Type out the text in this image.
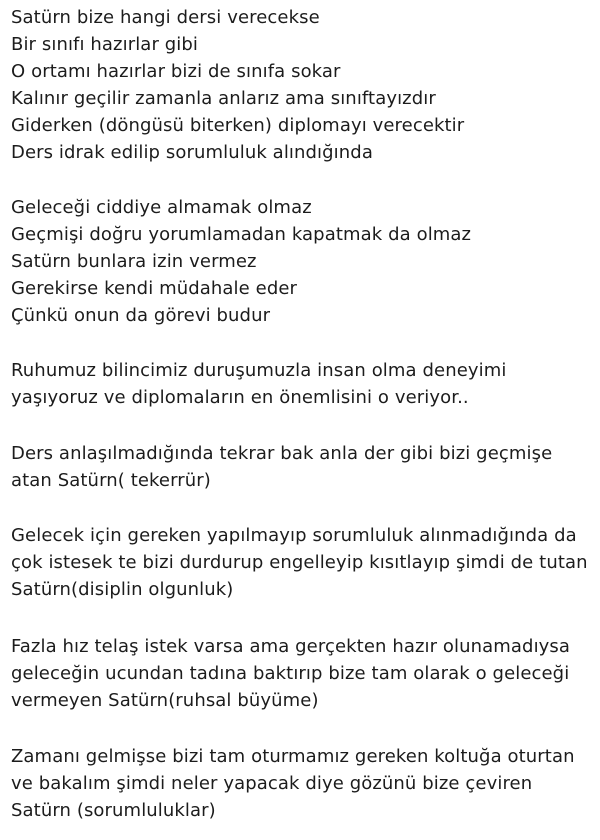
Satürn bize hangi dersi verecekse
Bir sınıfı hazırlar gibi
O ortamı hazırlar bizi de sınıfa sokar
Kalınır geçilir zamanla anlarız ama sınıftayızdır
Giderken (döngüsü biterken) diplomayı verecektir
Ders idrak edilip sorumluluk alındığında
Geleceği ciddiye almamak olmaz
Geçmişi doğru yorumlamadan kapatmak da olmaz
Satürn bunlara izin vermez
Gerekirse kendi müdahale eder
Çünkü onun da görevi budur
Ruhumuz bilincimiz duruşumuzla insan olma deneyimi
yaşıyoruz ve diplomaların en önemlisini o veriyor..
Ders anlaşılmadığında tekrar bak anla der gibi bizi geçmişe
atan Satürn( tekerrür)
Gelecek için gereken yapılmayıp sorumluluk alınmadığında da
çok istesek te bizi durdurup engelleyip kısıtlayıp şimdi de tutan
Satürn(disiplin olgunluk)
Fazla hız telaş istek varsa ama gerçekten hazır olunamadıysa
geleceğin ucundan tadına baktırıp bize tam olarak o geleceği
vermeyen Satürn(ruhsal büyüme)
Zamanı gelmişse bizi tam oturmamız gereken koltuğa oturtan
ve bakalım şimdi neler yapacak diye gözünü bize çeviren
Satürn (sorumluluklar)
